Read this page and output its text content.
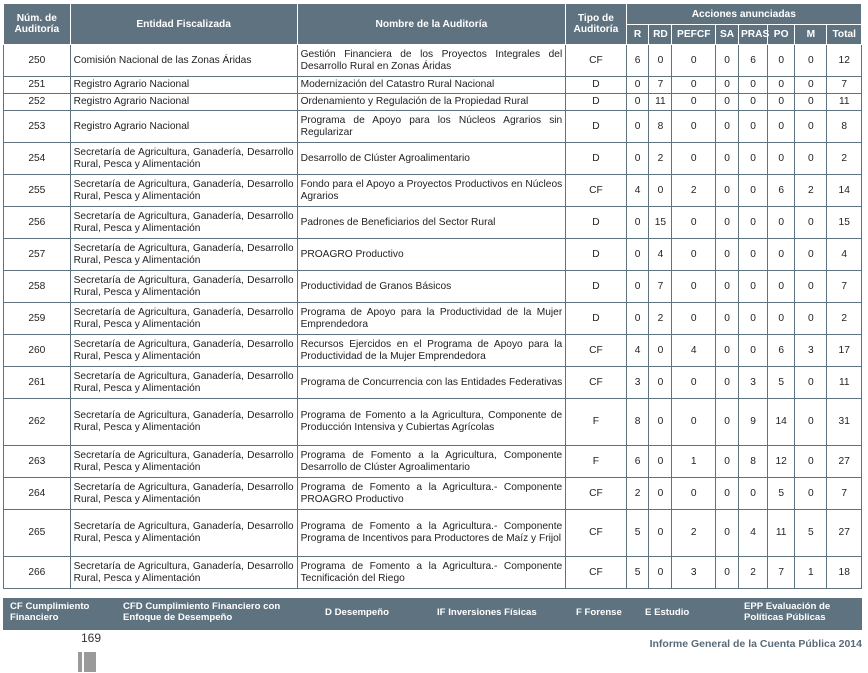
Núm. de Auditoría	Entidad Fiscalizada	Nombre de la Auditoría	Tipo de Auditoría	Acciones anunciadas							
				R	RD	PEFCF	SA	PRAS	PO	M	Total
250	Comisión Nacional de las Zonas Áridas	Gestión Financiera de los Proyectos Integrales del Desarrollo Rural en Zonas Áridas	CF	6	0	0	0	6	0	0	12
251	Registro Agrario Nacional	Modernización del Catastro Rural Nacional	D	0	7	0	0	0	0	0	7
252	Registro Agrario Nacional	Ordenamiento y Regulación de la Propiedad Rural	D	0	11	0	0	0	0	0	11
253	Registro Agrario Nacional	Programa de Apoyo para los Núcleos Agrarios sin Regularizar	D	0	8	0	0	0	0	0	8
254	Secretaría de Agricultura, Ganadería, Desarrollo Rural, Pesca y Alimentación	Desarrollo de Clúster Agroalimentario	D	0	2	0	0	0	0	0	2
255	Secretaría de Agricultura, Ganadería, Desarrollo Rural, Pesca y Alimentación	Fondo para el Apoyo a Proyectos Productivos en Núcleos Agrarios	CF	4	0	2	0	0	6	2	14
256	Secretaría de Agricultura, Ganadería, Desarrollo Rural, Pesca y Alimentación	Padrones de Beneficiarios del Sector Rural	D	0	15	0	0	0	0	0	15
257	Secretaría de Agricultura, Ganadería, Desarrollo Rural, Pesca y Alimentación	PROAGRO Productivo	D	0	4	0	0	0	0	0	4
258	Secretaría de Agricultura, Ganadería, Desarrollo Rural, Pesca y Alimentación	Productividad de Granos Básicos	D	0	7	0	0	0	0	0	7
259	Secretaría de Agricultura, Ganadería, Desarrollo Rural, Pesca y Alimentación	Programa de Apoyo para la Productividad de la Mujer Emprendedora	D	0	2	0	0	0	0	0	2
260	Secretaría de Agricultura, Ganadería, Desarrollo Rural, Pesca y Alimentación	Recursos Ejercidos en el Programa de Apoyo para la Productividad de la Mujer Emprendedora	CF	4	0	4	0	0	6	3	17
261	Secretaría de Agricultura, Ganadería, Desarrollo Rural, Pesca y Alimentación	Programa de Concurrencia con las Entidades Federativas	CF	3	0	0	0	3	5	0	11
262	Secretaría de Agricultura, Ganadería, Desarrollo Rural, Pesca y Alimentación	Programa de Fomento a la Agricultura, Componente de Producción Intensiva y Cubiertas Agrícolas	F	8	0	0	0	9	14	0	31
263	Secretaría de Agricultura, Ganadería, Desarrollo Rural, Pesca y Alimentación	Programa de Fomento a la Agricultura, Componente Desarrollo de Clúster Agroalimentario	F	6	0	1	0	8	12	0	27
264	Secretaría de Agricultura, Ganadería, Desarrollo Rural, Pesca y Alimentación	Programa de Fomento a la Agricultura.- Componente PROAGRO Productivo	CF	2	0	0	0	0	5	0	7
265	Secretaría de Agricultura, Ganadería, Desarrollo Rural, Pesca y Alimentación	Programa de Fomento a la Agricultura.- Componente Programa de Incentivos para Productores de Maíz y Frijol	CF	5	0	2	0	4	11	5	27
266	Secretaría de Agricultura, Ganadería, Desarrollo Rural, Pesca y Alimentación	Programa de Fomento a la Agricultura.- Componente Tecnificación del Riego	CF	5	0	3	0	2	7	1	18
CF Cumplimiento Financiero
CFD Cumplimiento Financiero con Enfoque de Desempeño	D Desempeño	IF Inversiones Físicas	F Forense E Estudio
EPP Evaluación de Políticas Públicas
169	Informe General de la Cuenta Pública 2014
